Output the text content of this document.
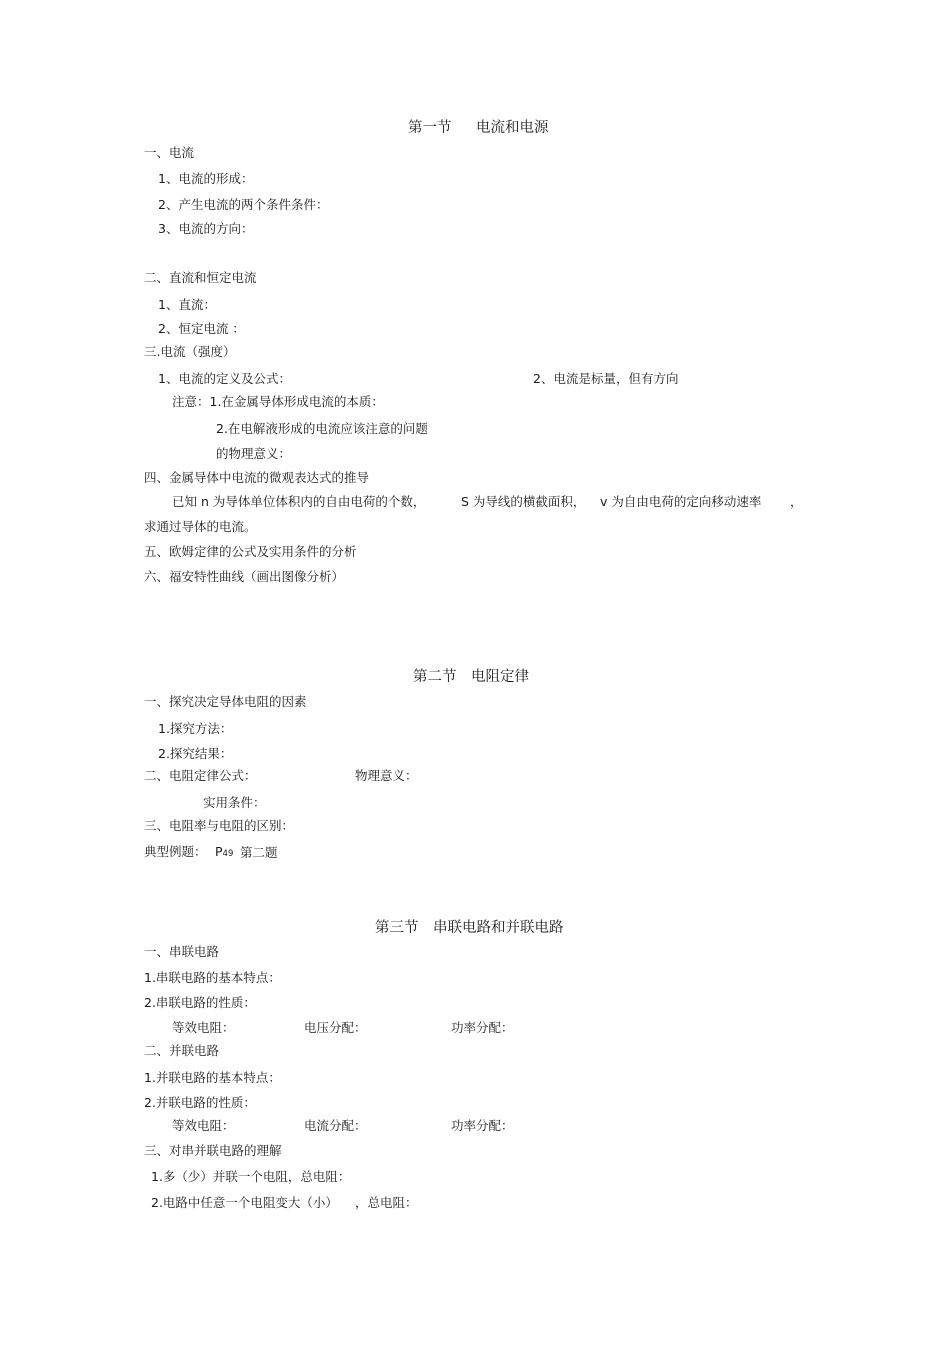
第一节 电流和电源
一、电流
1、电流的形成：
2、产生电流的两个条件条件：
3、电流的方向：
二、直流和恒定电流
1、直流：
2、恒定电流 ：
三.电流（强度）
1、电流的定义及公式：	2、电流是标量，但有方向
注意：1.在金属导体形成电流的本质：
2.在电解液形成的电流应该注意的问题
的物理意义：
四、金属导体中电流的微观表达式的推导
已知 n 为导体单位体积内的自由电荷的个数，	S 为导线的横截面积， v 为自由电荷的定向移动速率 ，
求通过导体的电流。
五、欧姆定律的公式及实用条件的分析
六、福安特性曲线（画出图像分析）
第二节 电阻定律
一、探究决定导体电阻的因素
1.探究方法：
2.探究结果：
二、电阻定律公式：	物理意义：
实用条件：
三、电阻率与电阻的区别：
典型例题： P49 第二题
第三节 串联电路和并联电路
一、串联电路
1.串联电路的基本特点：
2.串联电路的性质：
等效电阻：	电压分配：	功率分配：
二、并联电路
1.并联电路的基本特点：
2.并联电路的性质：
等效电阻：	电流分配：	功率分配：
三、对串并联电路的理解
1.多（少）并联一个电阻，总电阻：
2.电路中任意一个电阻变大（小） ，总电阻：
